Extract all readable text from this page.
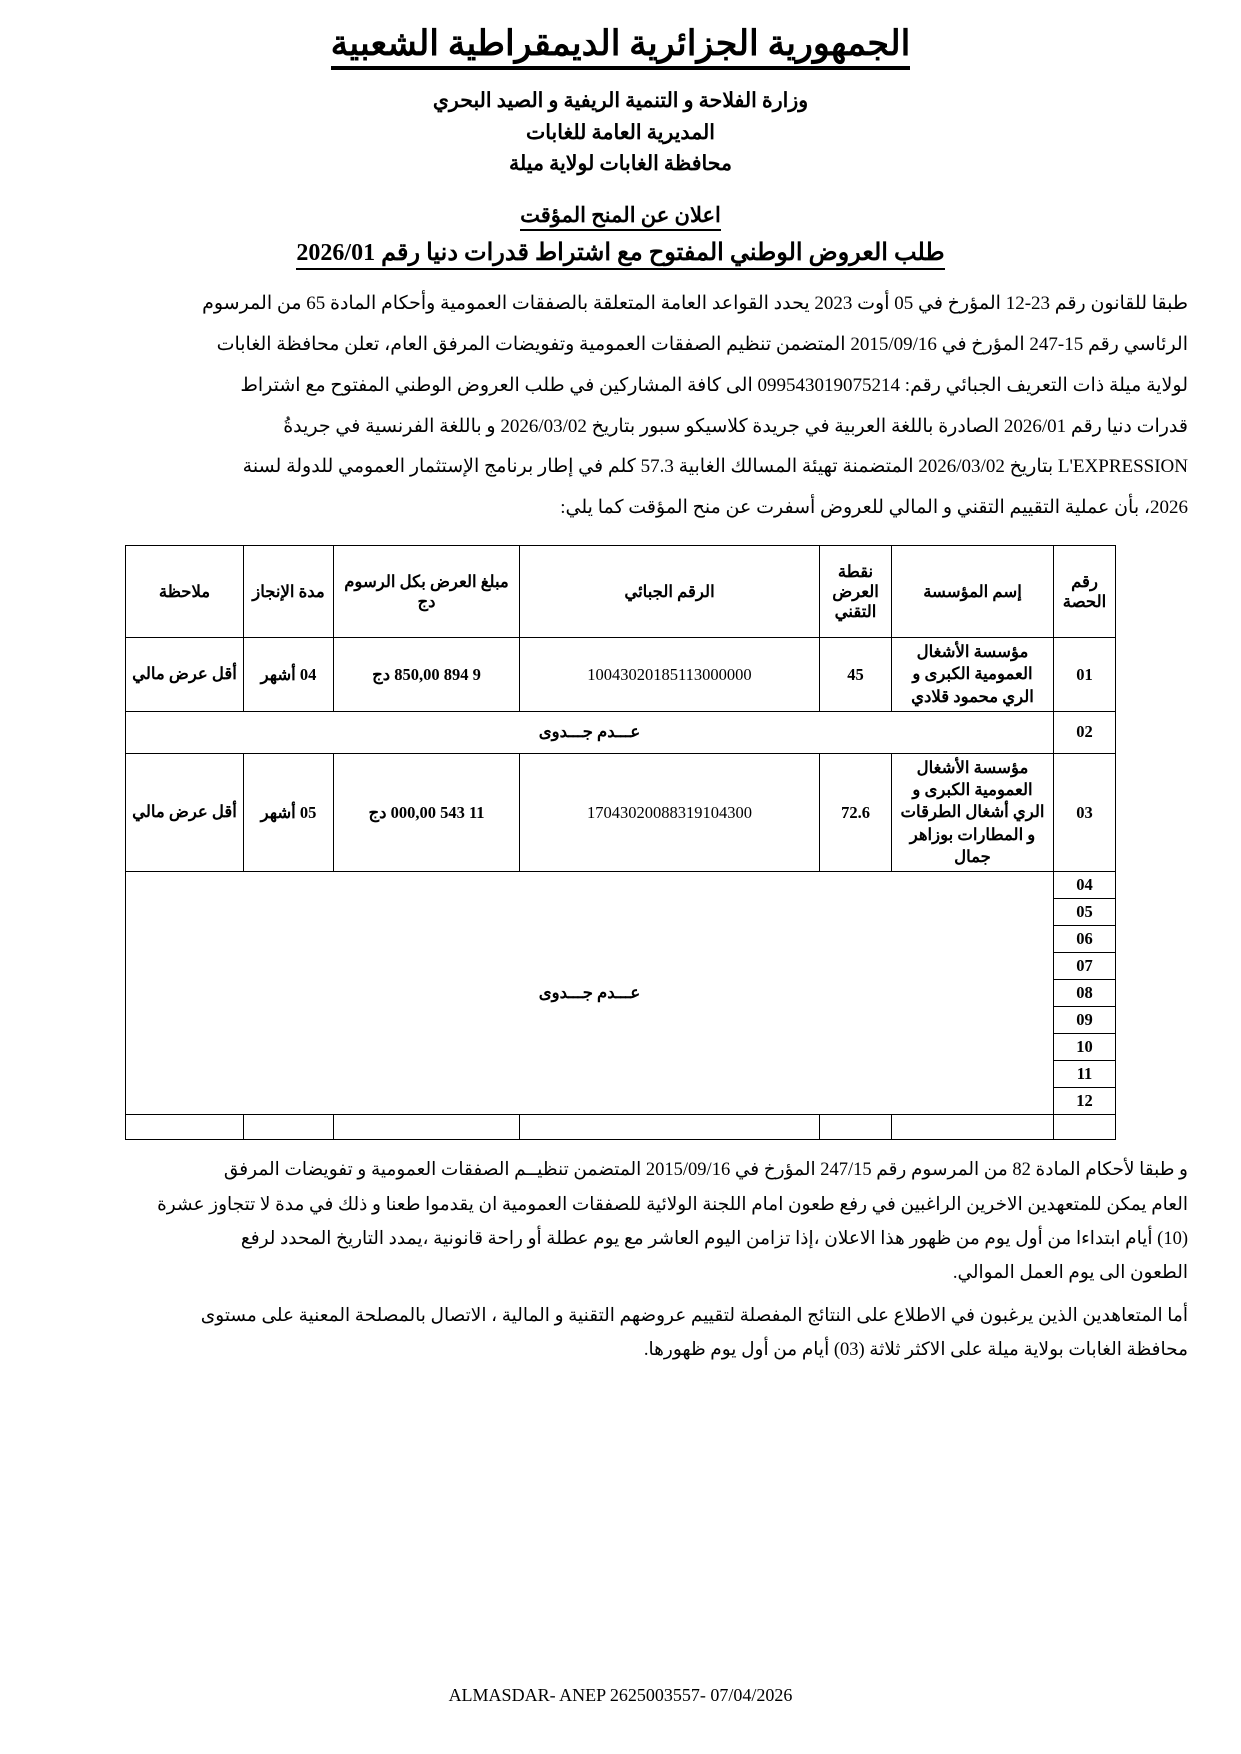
الجمهورية الجزائرية الديمقراطية الشعبية
وزارة الفلاحة و التنمية الريفية و الصيد البحري
المديرية العامة للغابات
محافظة الغابات لولاية ميلة
اعلان عن المنح المؤقت
طلب العروض الوطني المفتوح مع اشتراط قدرات دنيا رقم 2026/01
طبقا للقانون رقم 23-12 المؤرخ في 05 أوت 2023 يحدد القواعد العامة المتعلقة بالصفقات العمومية وأحكام المادة 65 من المرسوم
الرئاسي رقم 15-247 المؤرخ في 2015/09/16 المتضمن تنظيم الصفقات العمومية وتفويضات المرفق العام، تعلن محافظة الغابات
لولاية ميلة ذات التعريف الجبائي رقم: 099543019075214 الى كافة المشاركين في طلب العروض الوطني المفتوح مع اشتراط
قدرات دنيا رقم 2026/01 الصادرة باللغة العربية في جريدة كلاسيكو سبور بتاريخ 2026/03/02 و باللغة الفرنسية في جريدةُ
L'EXPRESSION بتاريخ 2026/03/02 المتضمنة تهيئة المسالك الغابية 57.3 كلم في إطار برنامج الإستثمار العمومي للدولة لسنة
2026، بأن عملية التقييم التقني و المالي للعروض أسفرت عن منح المؤقت كما يلي:
رقم الحصة	إسم المؤسسة	نقطة العرض التقني	الرقم الجبائي	مبلغ العرض بكل الرسوم دج	مدة الإنجاز	ملاحظة
01	مؤسسة الأشغال العمومية الكبرى و الري محمود قلادي	45	10043020185113000000	9 894 850,00 دج	04 أشهر	أقل عرض مالي
02	عـــدم جـــدوى					
03	مؤسسة الأشغال العمومية الكبرى و الري أشغال الطرقات و المطارات بوزاهر جمال	72.6	17043020088319104300	11 543 000,00 دج	05 أشهر	أقل عرض مالي
04	عـــدم جـــدوى					
05						
06						
07						
08						
09						
10						
11						
12						

و طبقا لأحكام المادة 82 من المرسوم رقم 247/15 المؤرخ في 2015/09/16 المتضمن تنظيــم الصفقات العمومية و تفويضات المرفق

العام يمكن للمتعهدين الاخرين الراغبين في رفع طعون امام اللجنة الولائية للصفقات العمومية ان يقدموا طعنا و ذلك في مدة لا تتجاوز عشرة

(10) أيام ابتداءا من أول يوم من ظهور هذا الاعلان ،إذا تزامن اليوم العاشر مع يوم عطلة أو راحة قانونية ،يمدد التاريخ المحدد لرفع

الطعون الى يوم العمل الموالي.

أما المتعاهدين الذين يرغبون في الاطلاع على النتائج المفصلة لتقييم عروضهم التقنية و المالية ، الاتصال بالمصلحة المعنية على مستوى

محافظة الغابات بولاية ميلة على الاكثر ثلاثة (03) أيام من أول يوم ظهورها.

ALMASDAR- ANEP 2625003557- 07/04/2026
